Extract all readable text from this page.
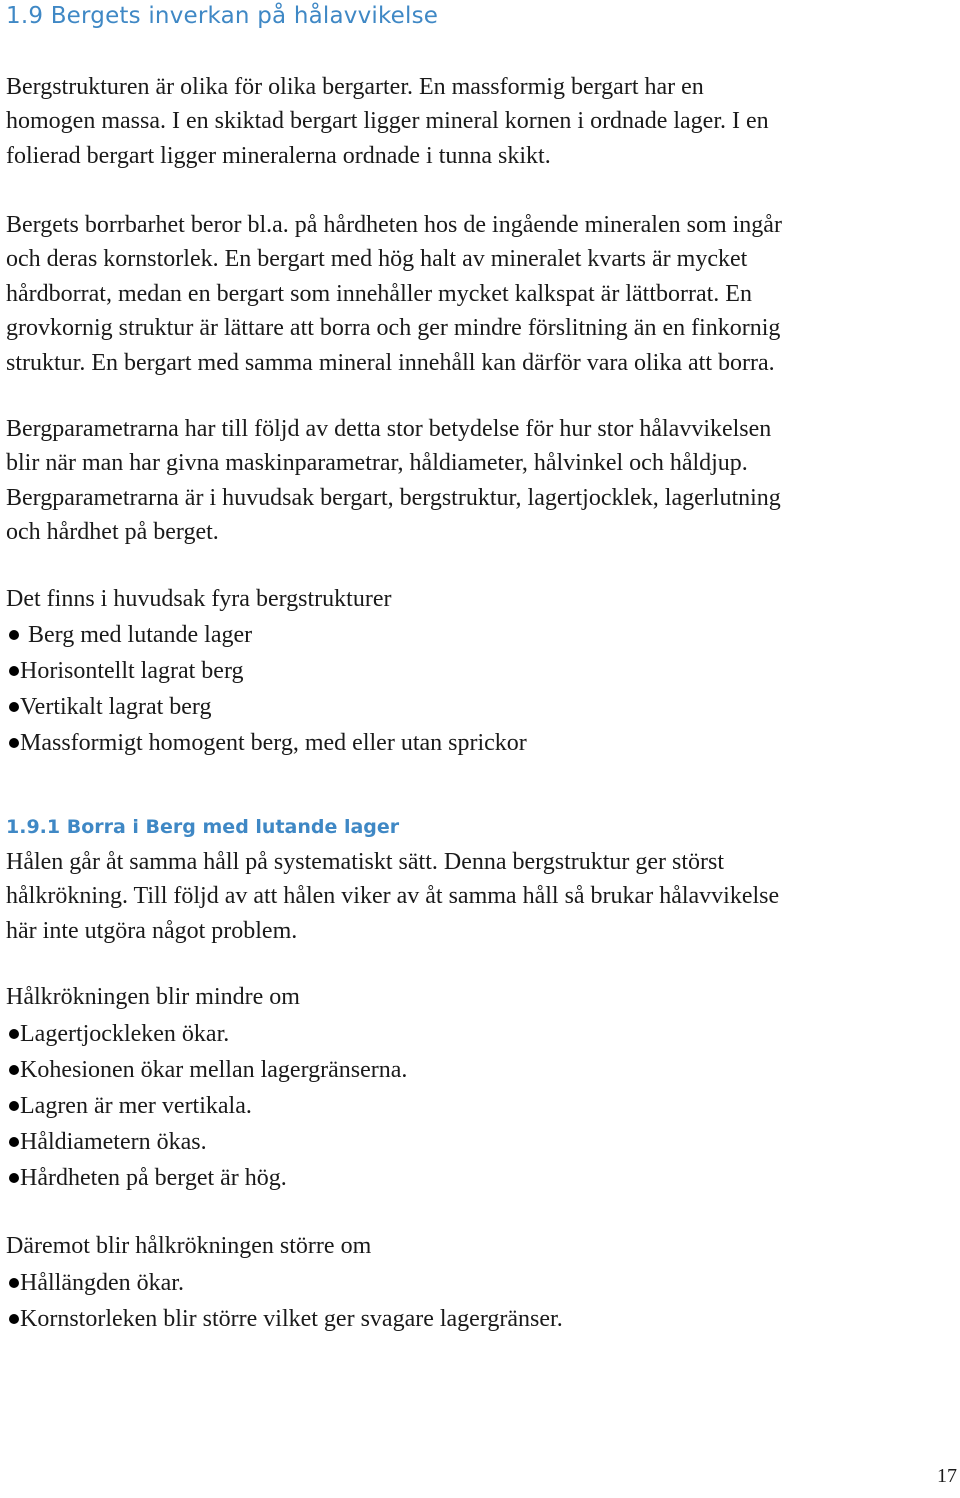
1.9 Bergets inverkan på hålavvikelse

Bergstrukturen är olika för olika bergarter. En massformig bergart har en
homogen massa. I en skiktad bergart ligger mineral kornen i ordnade lager. I en
folierad bergart ligger mineralerna ordnade i tunna skikt.

Bergets borrbarhet beror bl.a. på hårdheten hos de ingående mineralen som ingår
och deras kornstorlek. En bergart med hög halt av mineralet kvarts är mycket
hårdborrat, medan en bergart som innehåller mycket kalkspat är lättborrat. En
grovkornig struktur är lättare att borra och ger mindre förslitning än en finkornig
struktur. En bergart med samma mineral innehåll kan därför vara olika att borra.

Bergparametrarna har till följd av detta stor betydelse för hur stor hålavvikelsen
blir när man har givna maskinparametrar, håldiameter, hålvinkel och håldjup.
Bergparametrarna är i huvudsak bergart, bergstruktur, lagertjocklek, lagerlutning
och hårdhet på berget.

Det finns i huvudsak fyra bergstrukturer

Berg med lutande lager
Horisontellt lagrat berg
Vertikalt lagrat berg
Massformigt homogent berg, med eller utan sprickor
1.9.1 Borra i Berg med lutande lager

Hålen går åt samma håll på systematiskt sätt. Denna bergstruktur ger störst
hålkrökning. Till följd av att hålen viker av åt samma håll så brukar hålavvikelse
här inte utgöra något problem.

Hålkrökningen blir mindre om

Lagertjockleken ökar.
Kohesionen ökar mellan lagergränserna.
Lagren är mer vertikala.
Håldiametern ökas.
Hårdheten på berget är hög.

Däremot blir hålkrökningen större om

Hållängden ökar.
Kornstorleken blir större vilket ger svagare lagergränser.
17
